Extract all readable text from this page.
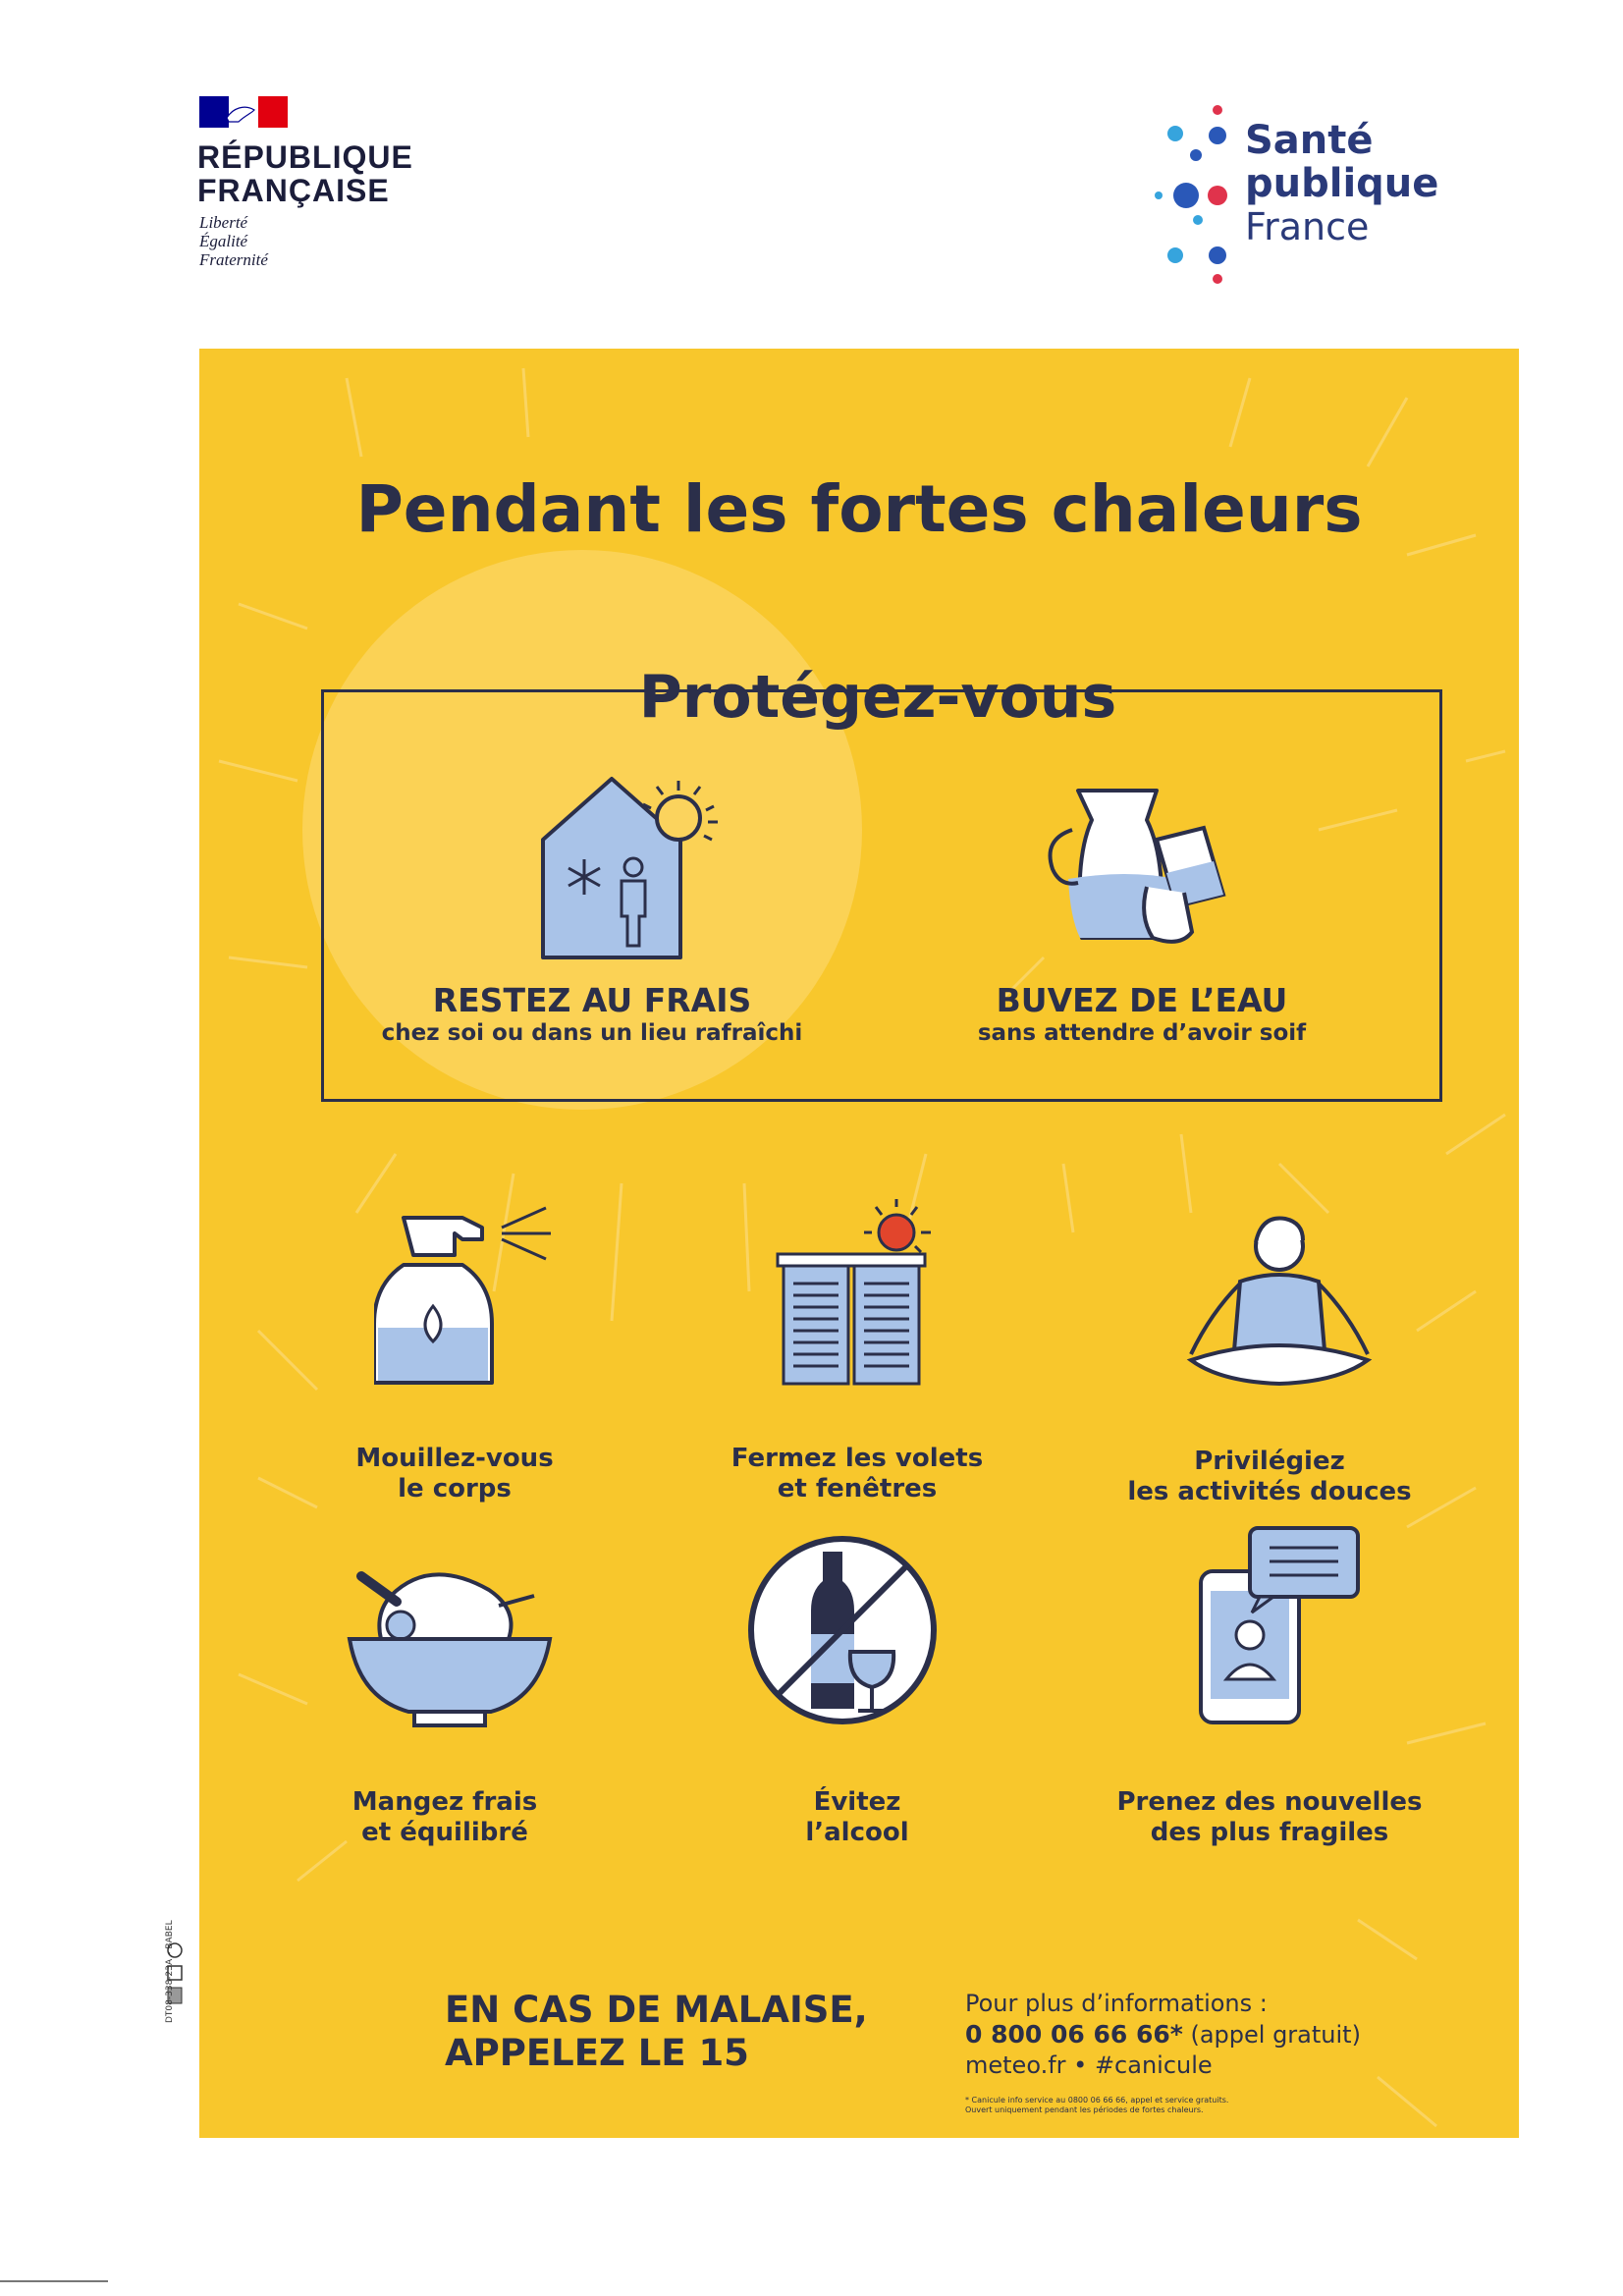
RÉPUBLIQUE
FRANÇAISE
Liberté
Égalité
Fraternité
Santé
publique
France
Pendant les fortes chaleurs
Protégez-vous
RESTEZ AU FRAIS
chez soi ou dans un lieu rafraîchi
BUVEZ DE L’EAU
sans attendre d’avoir soif
Mouillez-vous
le corps
Fermez les volets
et fenêtres
Privilégiez
les activités douces
Mangez frais
et équilibré
Évitez
l’alcool
Prenez des nouvelles
des plus fragiles
EN CAS DE MALAISE,
APPELEZ LE 15
Pour plus d’informations :
0 800 06 66 66* (appel gratuit)
meteo.fr • #canicule
* Canicule info service au 0800 06 66 66, appel et service gratuits.
Ouvert uniquement pendant les périodes de fortes chaleurs.
DT08-338-23A – BABEL
